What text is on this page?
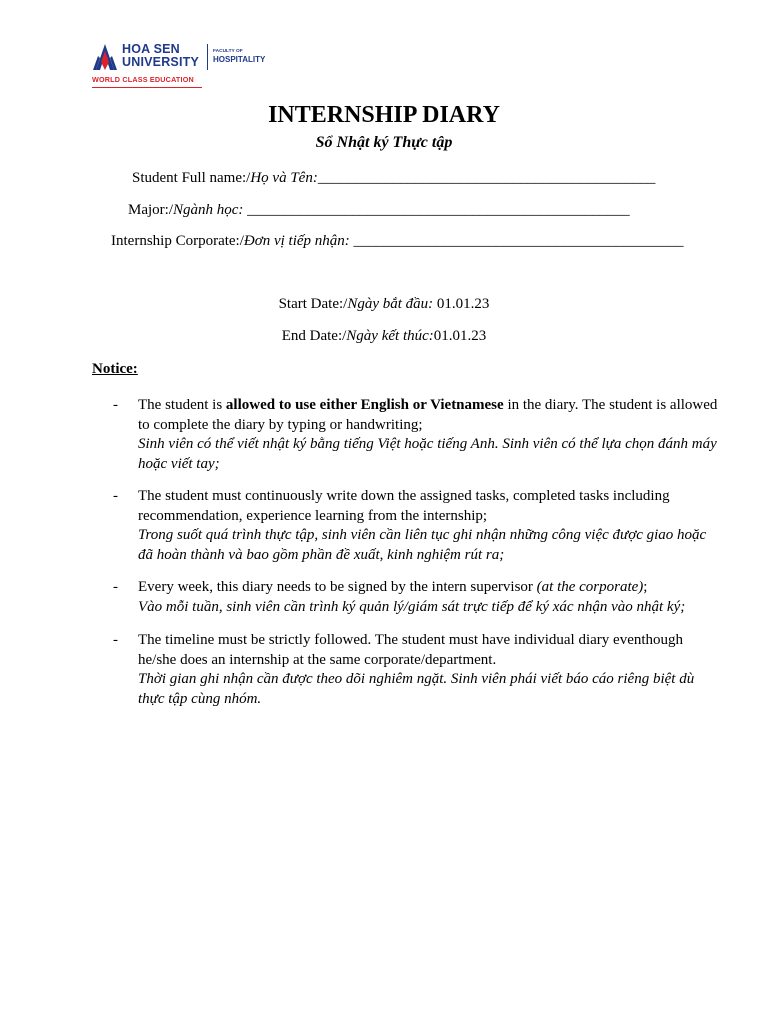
HOA SEN
UNIVERSITY
FACULTY OF
HOSPITALITY
WORLD CLASS EDUCATION
INTERNSHIP DIARY
Sổ Nhật ký Thực tập
Student Full name:/Họ và Tên:_____________________________________________
Major:/Ngành học: ___________________________________________________
Internship Corporate:/Đơn vị tiếp nhận: ____________________________________________
Start Date:/Ngày bắt đầu: 01.01.23
End Date:/Ngày kết thúc:01.01.23
Notice:
- The student is allowed to use either English or Vietnamese in the diary. The student is allowed to complete the diary by typing or handwriting;
Sinh viên có thể viết nhật ký bằng tiếng Việt hoặc tiếng Anh. Sinh viên có thể lựa chọn đánh máy hoặc viết tay;
- The student must continuously write down the assigned tasks, completed tasks including recommendation, experience learning from the internship;
Trong suốt quá trình thực tập, sinh viên cần liên tục ghi nhận những công việc được giao hoặc đã hoàn thành và bao gồm phần đề xuất, kinh nghiệm rút ra;
- Every week, this diary needs to be signed by the intern supervisor (at the corporate);
Vào mỗi tuần, sinh viên cần trình ký quản lý/giám sát trực tiếp để ký xác nhận vào nhật ký;
- The timeline must be strictly followed. The student must have individual diary eventhough he/she does an internship at the same corporate/department.
Thời gian ghi nhận cần được theo dõi nghiêm ngặt. Sinh viên phái viết báo cáo riêng biệt dù thực tập cùng nhóm.
